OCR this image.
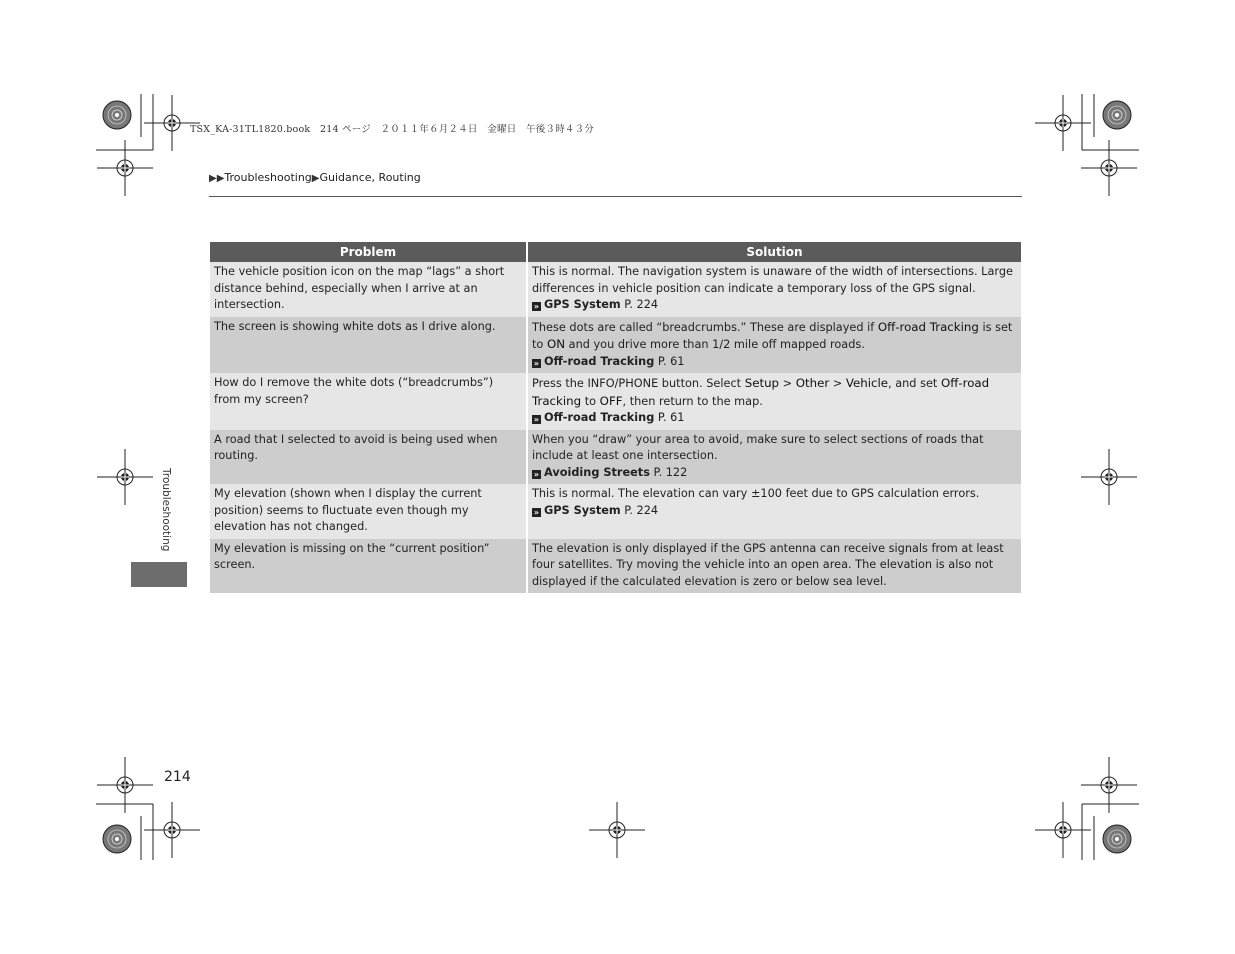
TSX_KA-31TL1820.book　214 ページ　２０１１年６月２４日　金曜日　午後３時４３分
▶▶Troubleshooting▶Guidance, Routing
Troubleshooting
Problem	Solution
The vehicle position icon on the map “lags” a short distance behind, especially when I arrive at an intersection.	This is normal. The navigation system is unaware of the width of intersections. Large differences in vehicle position can indicate a temporary loss of the GPS signal.
» GPS System P. 224

The screen is showing white dots as I drive along.	These dots are called “breadcrumbs.” These are displayed if Off-road Tracking is set to ON and you drive more than 1/2 mile off mapped roads.
» Off-road Tracking P. 61

How do I remove the white dots (“breadcrumbs”) from my screen?	Press the INFO/PHONE button. Select Setup > Other > Vehicle, and set Off-road Tracking to OFF, then return to the map.
» Off-road Tracking P. 61

A road that I selected to avoid is being used when routing.	When you “draw” your area to avoid, make sure to select sections of roads that include at least one intersection.
» Avoiding Streets P. 122

My elevation (shown when I display the current position) seems to fluctuate even though my elevation has not changed.	This is normal. The elevation can vary ±100 feet due to GPS calculation errors.
» GPS System P. 224

My elevation is missing on the “current position” screen.	The elevation is only displayed if the GPS antenna can receive signals from at least four satellites. Try moving the vehicle into an open area. The elevation is also not displayed if the calculated elevation is zero or below sea level.
214
